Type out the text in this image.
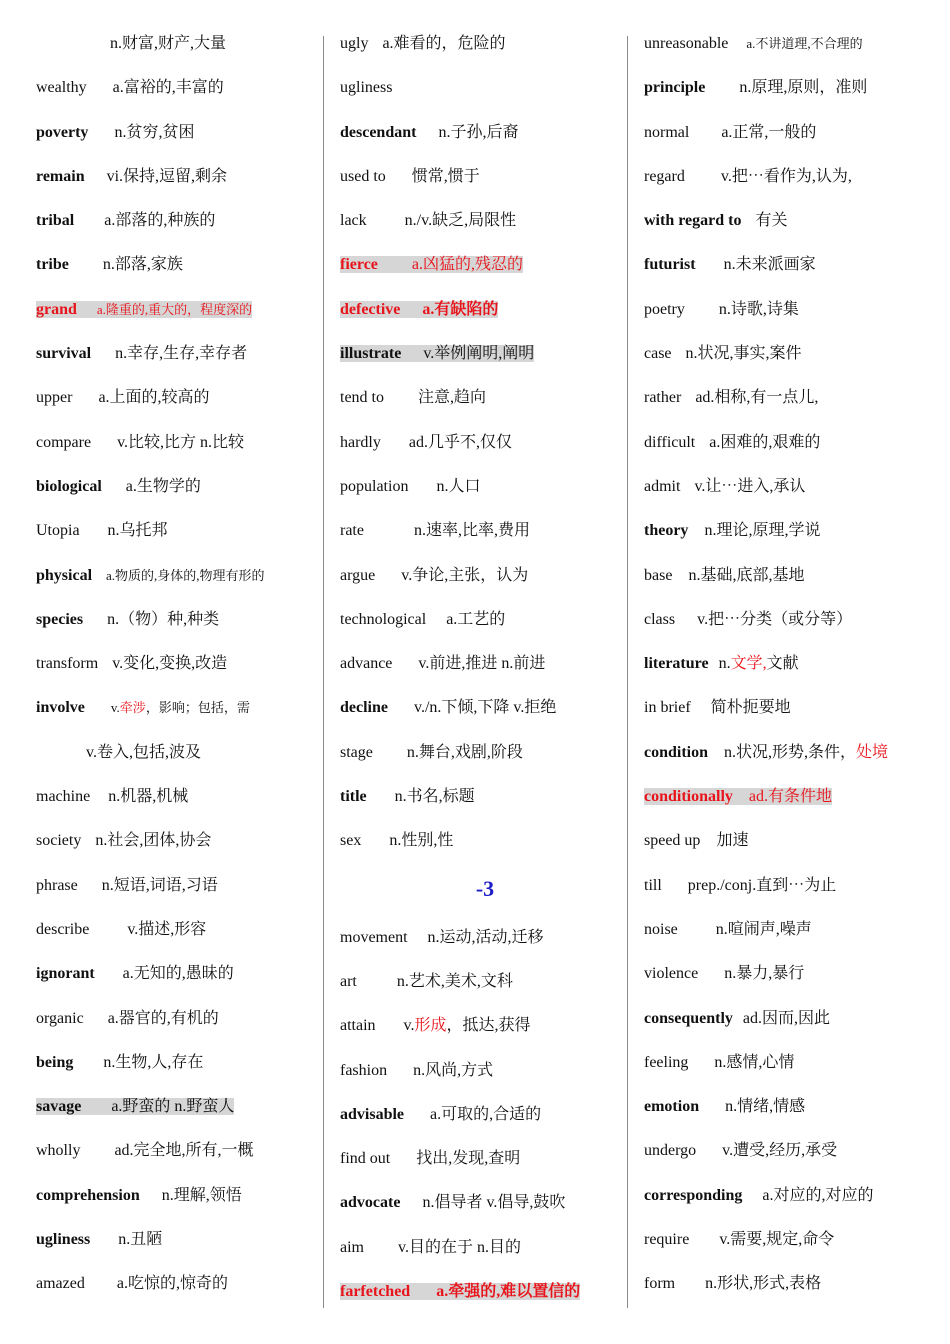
n.财富,财产,大量
wealthy a.富裕的,丰富的
poverty n.贫穷,贫困
remain vi.保持,逗留,剩余
tribal a.部落的,种族的
tribe n.部落,家族
grand a.隆重的,重大的，程度深的
survival n.幸存,生存,幸存者
upper a.上面的,较高的
compare v.比较,比方 n.比较
biological a.生物学的
Utopia n.乌托邦
physical a.物质的,身体的,物理有形的
species n.（物）种,种类
transform v.变化,变换,改造
involve v.牵涉，影响；包括，需
v.卷入,包括,波及
machine n.机器,机械
society n.社会,团体,协会
phrase n.短语,词语,习语
describe v.描述,形容
ignorant a.无知的,愚昧的
organic a.器官的,有机的
being n.生物,人,存在
savage a.野蛮的 n.野蛮人
wholly ad.完全地,所有,一概
comprehension n.理解,领悟
ugliness n.丑陋
amazed a.吃惊的,惊奇的
ugly a.难看的，危险的
ugliness
descendant n.子孙,后裔
used to 惯常,惯于
lack n./v.缺乏,局限性
fierce a.凶猛的,残忍的
defective a.有缺陷的
illustrate v.举例阐明,阐明
tend to 注意,趋向
hardly ad.几乎不,仅仅
population n.人口
rate	n.速率,比率,费用
argue v.争论,主张，认为
technological a.工艺的
advance v.前进,推进 n.前进
decline v./n.下倾,下降 v.拒绝
stage n.舞台,戏剧,阶段
title n.书名,标题
sex n.性别,性
-3
movement n.运动,活动,迁移
art	n.艺术,美术,文科
attain v.形成，抵达,获得
fashion n.风尚,方式
advisable a.可取的,合适的
find out 找出,发现,查明
advocate n.倡导者 v.倡导,鼓吹
aim v.目的在于 n.目的
farfetched a.牵强的,难以置信的
unreasonable a.不讲道理,不合理的
principle n.原理,原则，准则
normal a.正常,一般的
regard v.把⋯看作为,认为,
with regard to 有关
futurist n.未来派画家
poetry n.诗歌,诗集
case n.状况,事实,案件
rather ad.相称,有一点儿,
difficult a.困难的,艰难的
admit v.让⋯进入,承认
theory n.理论,原理,学说
base n.基础,底部,基地
class v.把⋯分类（或分等）
literature n.文学,文献
in brief 简朴扼要地
condition n.状况,形势,条件，处境
conditionally ad.有条件地
speed up 加速
till prep./conj.直到⋯为止
noise n.喧闹声,噪声
violence n.暴力,暴行
consequently ad.因而,因此
feeling n.感情,心情
emotion n.情绪,情感
undergo v.遭受,经历,承受
corresponding a.对应的,对应的
require v.需要,规定,命令
form n.形状,形式,表格
